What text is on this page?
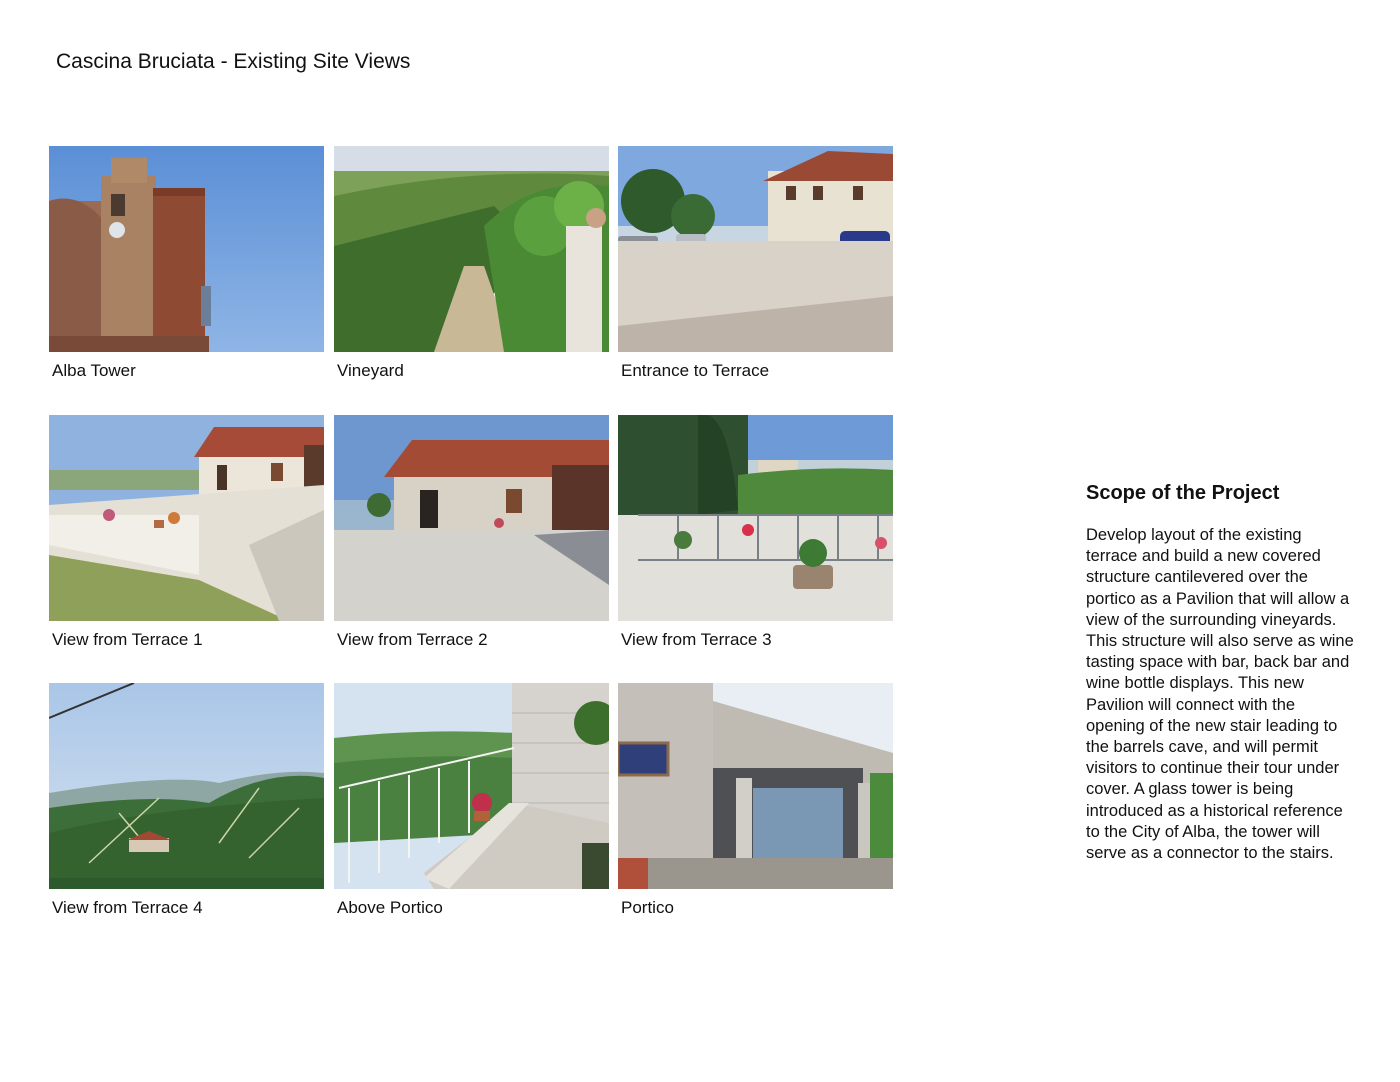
Cascina Bruciata - Existing Site Views
Alba Tower	Vineyard	Entrance to Terrace
View from Terrace 1	View from Terrace 2	View from Terrace 3
View from Terrace 4	Above Portico	Portico
Scope of the Project

Develop layout of the existing terrace and build a new covered structure cantilevered over the portico as a Pavilion that will allow a view of the surrounding vineyards. This structure will also serve as wine tasting space with bar, back bar and wine bottle displays. This new Pavilion will connect with the opening of the new stair leading to the barrels cave, and will permit visitors to continue their tour under cover. A glass tower is being introduced as a historical reference to the City of Alba, the tower will serve as a connector to the stairs.
